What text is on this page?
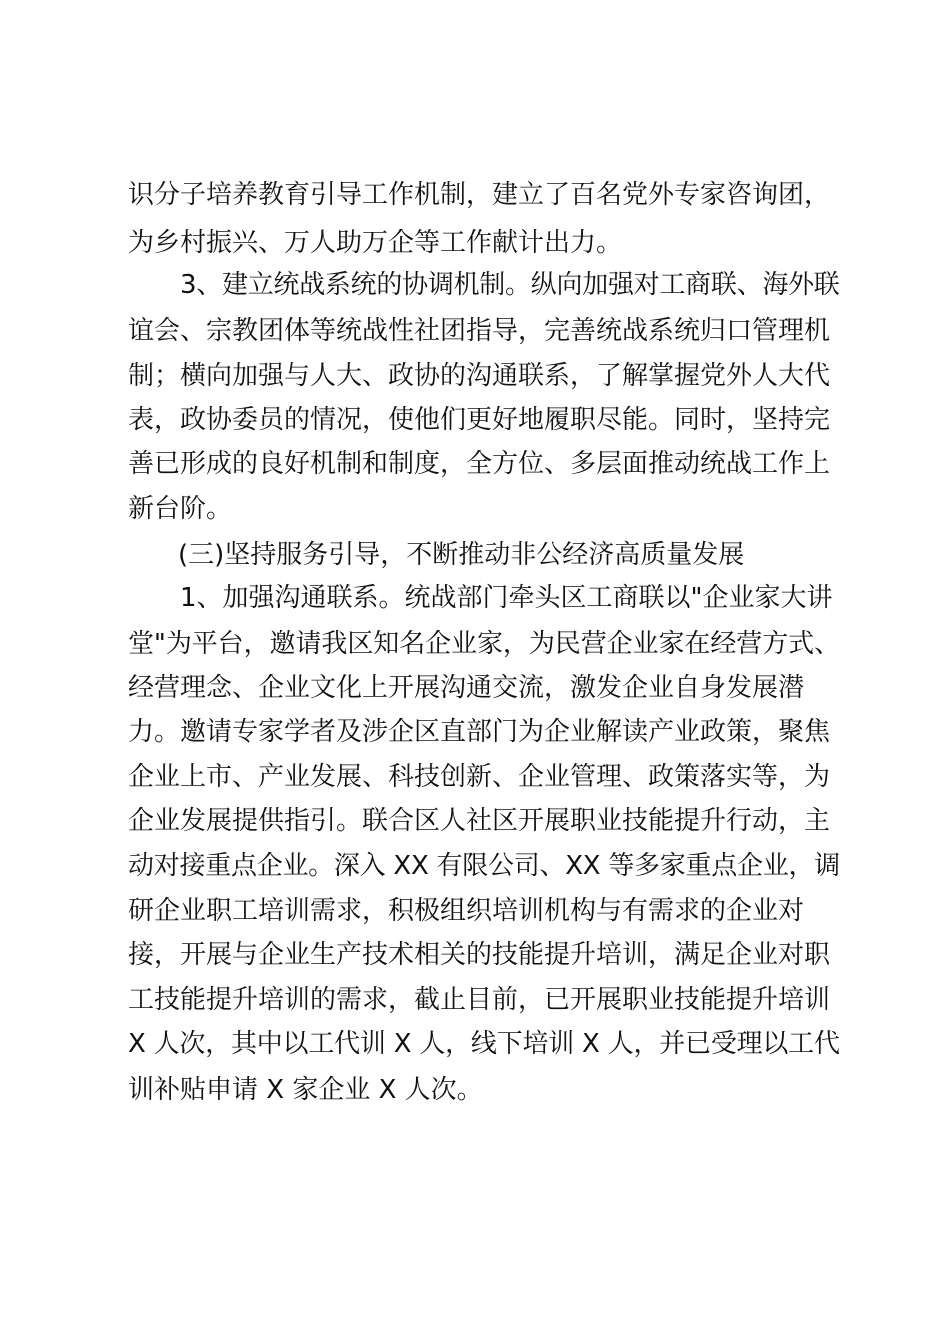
识分子培养教育引导工作机制，建立了百名党外专家咨询团，
为乡村振兴、万人助万企等工作献计出力。
3、建立统战系统的协调机制。纵向加强对工商联、海外联
谊会、宗教团体等统战性社团指导，完善统战系统归口管理机
制；横向加强与人大、政协的沟通联系，了解掌握党外人大代
表，政协委员的情况，使他们更好地履职尽能。同时，坚持完
善已形成的良好机制和制度，全方位、多层面推动统战工作上
新台阶。
(三)坚持服务引导，不断推动非公经济高质量发展
1、加强沟通联系。统战部门牵头区工商联以"企业家大讲
堂"为平台，邀请我区知名企业家，为民营企业家在经营方式、
经营理念、企业文化上开展沟通交流，激发企业自身发展潜
力。邀请专家学者及涉企区直部门为企业解读产业政策，聚焦
企业上市、产业发展、科技创新、企业管理、政策落实等，为
企业发展提供指引。联合区人社区开展职业技能提升行动，主
动对接重点企业。深入 XX 有限公司、XX 等多家重点企业，调
研企业职工培训需求，积极组织培训机构与有需求的企业对
接，开展与企业生产技术相关的技能提升培训，满足企业对职
工技能提升培训的需求，截止目前，已开展职业技能提升培训
X 人次，其中以工代训 X 人，线下培训 X 人，并已受理以工代
训补贴申请 X 家企业 X 人次。
